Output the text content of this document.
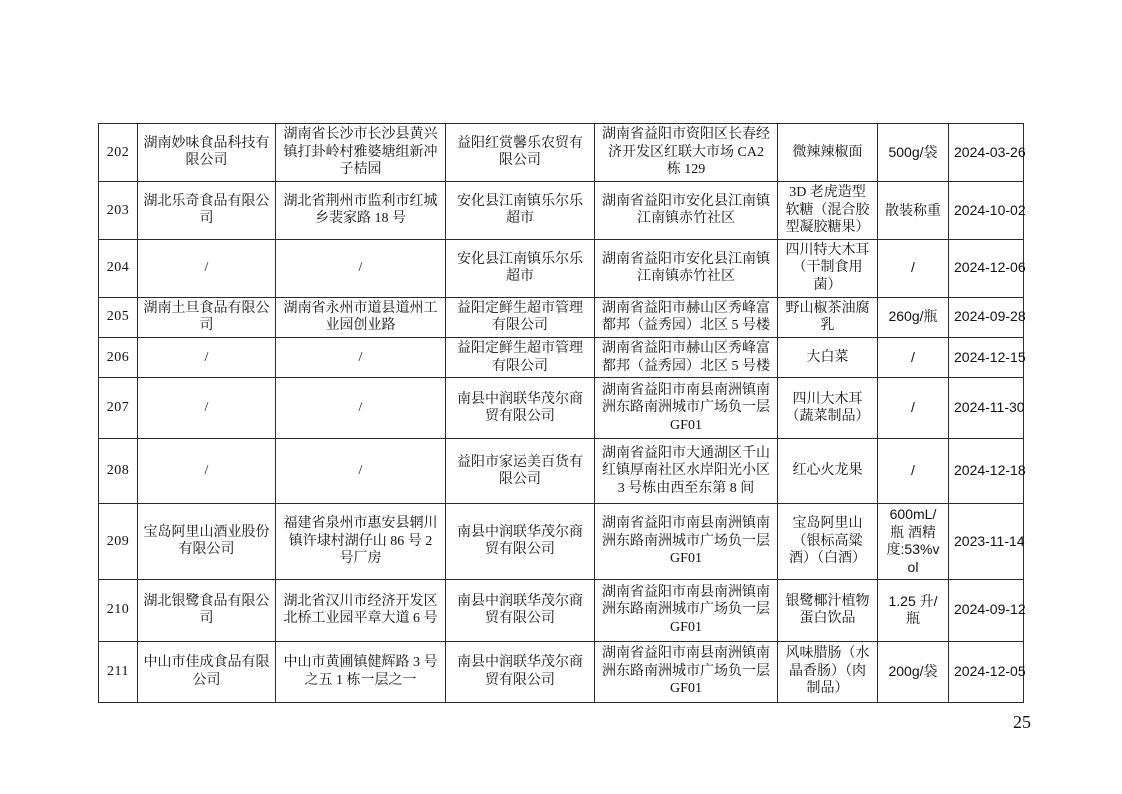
202	湖南妙味食品科技有限公司	湖南省长沙市长沙县黄兴镇打卦岭村雅婆塘组新冲子桔园	益阳红赏馨乐农贸有限公司	湖南省益阳市资阳区长春经济开发区红联大市场 CA2 栋 129	微辣辣椒面	500g/袋	2024-03-26
203	湖北乐奇食品有限公司	湖北省荆州市监利市红城乡裴家路 18 号	安化县江南镇乐尔乐超市	湖南省益阳市安化县江南镇江南镇赤竹社区	3D 老虎造型软糖（混合胶型凝胶糖果）	散装称重	2024-10-02
204	/	/	安化县江南镇乐尔乐超市	湖南省益阳市安化县江南镇江南镇赤竹社区	四川特大木耳（干制食用菌）	/	2024-12-06
205	湖南土旦食品有限公司	湖南省永州市道县道州工业园创业路	益阳定鲜生超市管理有限公司	湖南省益阳市赫山区秀峰富都邦（益秀园）北区 5 号楼	野山椒茶油腐乳	260g/瓶	2024-09-28
206	/	/	益阳定鲜生超市管理有限公司	湖南省益阳市赫山区秀峰富都邦（益秀园）北区 5 号楼	大白菜	/	2024-12-15
207	/	/	南县中润联华茂尔商贸有限公司	湖南省益阳市南县南洲镇南洲东路南洲城市广场负一层 GF01	四川大木耳（蔬菜制品）	/	2024-11-30
208	/	/	益阳市家运美百货有限公司	湖南省益阳市大通湖区千山红镇厚南社区水岸阳光小区 3 号栋由西至东第 8 间	红心火龙果	/	2024-12-18
209	宝岛阿里山酒业股份有限公司	福建省泉州市惠安县辋川镇许埭村湖仔山 86 号 2 号厂房	南县中润联华茂尔商贸有限公司	湖南省益阳市南县南洲镇南洲东路南洲城市广场负一层 GF01	宝岛阿里山（银标高粱酒）（白酒）	600mL/瓶 酒精度:53%vol	2023-11-14
210	湖北银鹭食品有限公司	湖北省汉川市经济开发区北桥工业园平章大道 6 号	南县中润联华茂尔商贸有限公司	湖南省益阳市南县南洲镇南洲东路南洲城市广场负一层 GF01	银鹭椰汁植物蛋白饮品	1.25 升/瓶	2024-09-12
211	中山市佳成食品有限公司	中山市黄圃镇健辉路 3 号之五 1 栋一层之一	南县中润联华茂尔商贸有限公司	湖南省益阳市南县南洲镇南洲东路南洲城市广场负一层 GF01	风味腊肠（水晶香肠）（肉制品）	200g/袋	2024-12-05
25
